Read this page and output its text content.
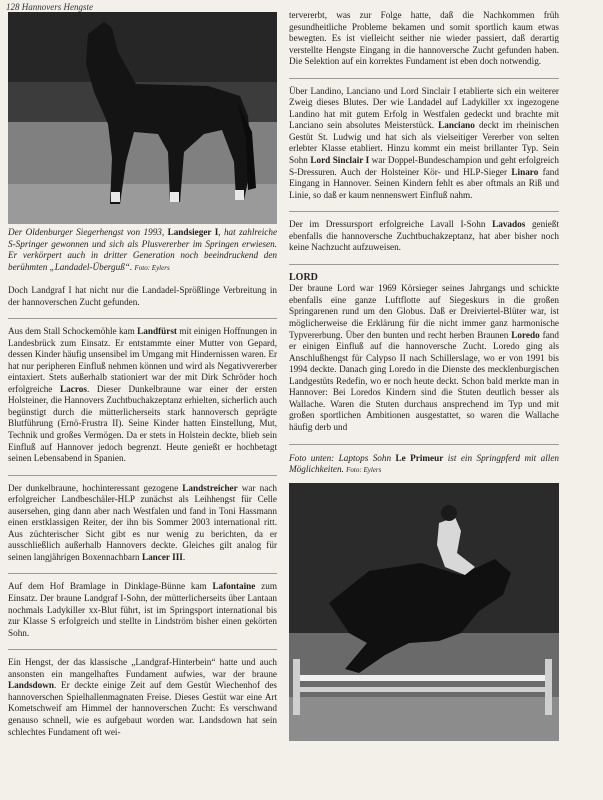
128 Hannovers Hengste
Der Oldenburger Siegerhengst von 1993, Landsieger I, hat zahlreiche S-Springer gewonnen und sich als Plusvererber im Springen erwiesen. Er verkörpert auch in dritter Generation noch beeindruckend den berühmten „Landadel-Überguß“. Foto: Eylers

Doch Landgraf I hat nicht nur die Landadel-Sprößlinge Verbreitung in der hannoverschen Zucht gefunden.

Aus dem Stall Schockemöhle kam Landfürst mit einigen Hoffnungen in Landesbrück zum Einsatz. Er entstammte einer Mutter von Gepard, dessen Kinder häufig unsensibel im Umgang mit Hindernissen waren. Er hat nur peripheren Einfluß nehmen können und wird als Negativvererber eintaxiert. Stets außerhalb stationiert war der mit Dirk Schröder hoch erfolgreiche Lacros. Dieser Dunkelbraune war einer der ersten Holsteiner, die Hannovers Zuchtbuchakzeptanz erhielten, sicherlich auch begünstigt durch die mütterlicherseits stark hannoversch geprägte Blutführung (Ernö-Frustra II). Seine Kinder hatten Einstellung, Mut, Technik und großes Vermögen. Da er stets in Holstein deckte, blieb sein Einfluß auf Hannover jedoch begrenzt. Heute genießt er hochbetagt seinen Lebensabend in Spanien.

Der dunkelbraune, hochinteressant gezogene Landstreicher war nach erfolgreicher Landbeschäler-HLP zunächst als Leihhengst für Celle ausersehen, ging dann aber nach Westfalen und fand in Toni Hassmann einen erstklassigen Reiter, der ihn bis Sommer 2003 international ritt. Aus züchterischer Sicht gibt es nur wenig zu berichten, da er ausschließlich außerhalb Hannovers deckte. Gleiches gilt analog für seinen langjährigen Boxennachbarn Lancer III.

Auf dem Hof Bramlage in Dinklage-Bünne kam Lafontaine zum Einsatz. Der braune Landgraf I-Sohn, der mütterlicherseits über Lantaan nochmals Ladykiller xx-Blut führt, ist im Springsport international bis zur Klasse S erfolgreich und stellte in Lindström bisher einen gekörten Sohn.

Ein Hengst, der das klassische „Landgraf-Hinterbein“ hatte und auch ansonsten ein mangelhaftes Fundament aufwies, war der braune Landsdown. Er deckte einige Zeit auf dem Gestüt Wiechenhof des hannoverschen Spielhallenmagnaten Freise. Dieses Gestüt war eine Art Kometschweif am Himmel der hannoverschen Zucht: Es verschwand genauso schnell, wie es aufgebaut worden war. Landsdown hat sein schlechtes Fundament oft wei-

tervererbt, was zur Folge hatte, daß die Nachkommen früh gesundheitliche Probleme bekamen und somit sportlich kaum etwas bewegten. Es ist vielleicht seither nie wieder passiert, daß derartig verstellte Hengste Eingang in die hannoversche Zucht gefunden haben. Die Selektion auf ein korrektes Fundament ist eben doch notwendig.

Über Landino, Lanciano und Lord Sinclair I etablierte sich ein weiterer Zweig dieses Blutes. Der wie Landadel auf Ladykiller xx ingezogene Landino hat mit gutem Erfolg in Westfalen gedeckt und brachte mit Lanciano sein absolutes Meisterstück. Lanciano deckt im rheinischen Gestüt St. Ludwig und hat sich als vielseitiger Vererber von selten erlebter Klasse etabliert. Hinzu kommt ein meist brillanter Typ. Sein Sohn Lord Sinclair I war Doppel-Bundeschampion und geht erfolgreich S-Dressuren. Auch der Holsteiner Kör- und HLP-Sieger Linaro fand Eingang in Hannover. Seinen Kindern fehlt es aber oftmals an Riß und Linie, so daß er kaum nennenswert Einfluß nahm.

Der im Dressursport erfolgreiche Lavall I-Sohn Lavados genießt ebenfalls die hannoversche Zuchtbuchakzeptanz, hat aber bisher noch keine Nachzucht aufzuweisen.

LORD

Der braune Lord war 1969 Körsieger seines Jahrgangs und schickte ebenfalls eine ganze Luftflotte auf Siegeskurs in die großen Springarenen rund um den Globus. Daß er Dreiviertel-Blüter war, ist möglicherweise die Erklärung für die nicht immer ganz harmonische Typvererbung. Über den bunten und recht herben Braunen Loredo fand er einigen Einfluß auf die hannoversche Zucht. Loredo ging als Anschlußhengst für Calypso II nach Schillerslage, wo er von 1991 bis 1994 deckte. Danach ging Loredo in die Dienste des mecklenburgischen Landgestüts Redefin, wo er noch heute deckt. Schon bald merkte man in Hannover: Bei Loredos Kindern sind die Stuten deutlich besser als Wallache. Waren die Stuten durchaus ansprechend im Typ und mit großen sportlichen Ambitionen ausgestattet, so waren die Wallache häufig derb und

Foto unten: Laptops Sohn Le Primeur ist ein Springpferd mit allen Möglichkeiten. Foto: Eylers
